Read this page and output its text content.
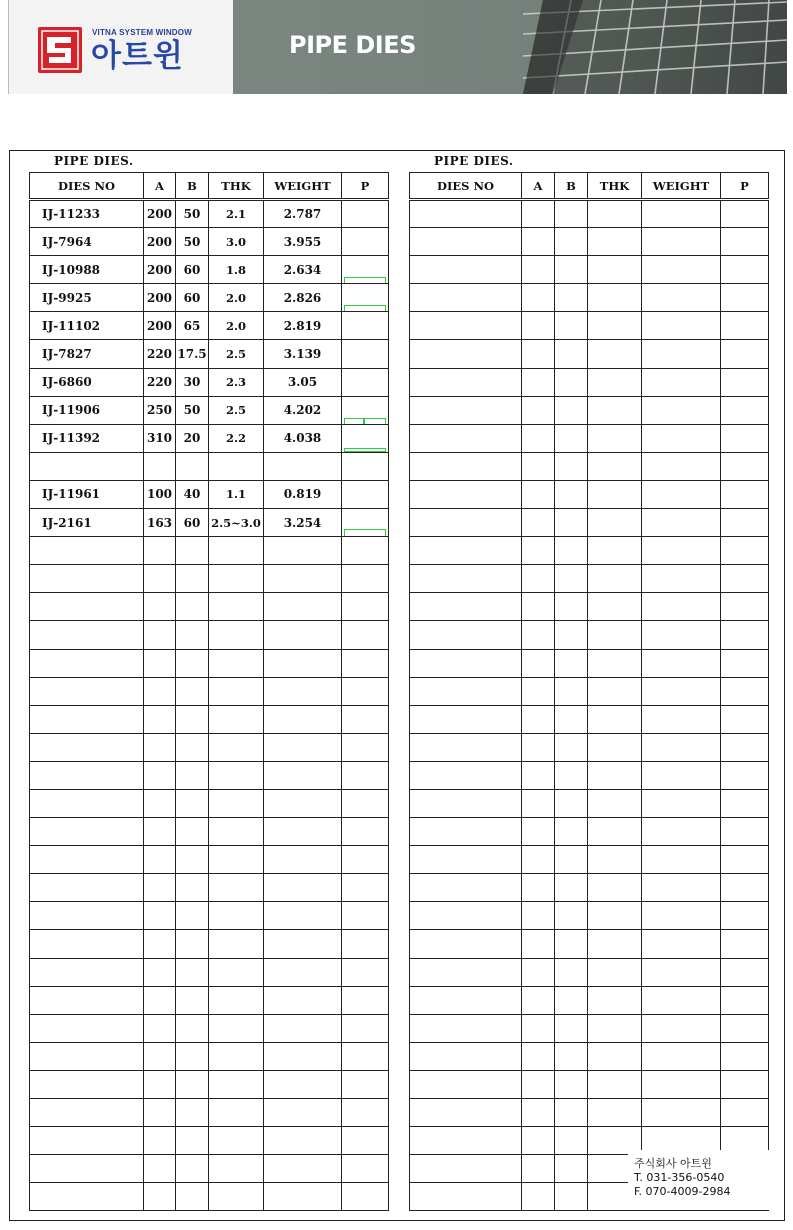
VITNA SYSTEM WINDOW
아트윈	PIPE DIES
PIPE DIES.	PIPE DIES.
DIES NO	A	B	THK	WEIGHT	P
IJ-11233	200	50	2.1	2.787	
IJ-7964	200	50	3.0	3.955	
IJ-10988	200	60	1.8	2.634	

IJ-9925	200	60	2.0	2.826	

IJ-11102	200	65	2.0	2.819	
IJ-7827	220	17.5	2.5	3.139	
IJ-6860	220	30	2.3	3.05	
IJ-11906	250	50	2.5	4.202	

IJ-11392	310	20	2.2	4.038	

IJ-11961	100	40	1.1	0.819	
IJ-2161	163	60	2.5~3.0	3.254	

DIES NO	A	B	THK	WEIGHT	P

주식회사 아트윈
T. 031-356-0540
F. 070-4009-2984
